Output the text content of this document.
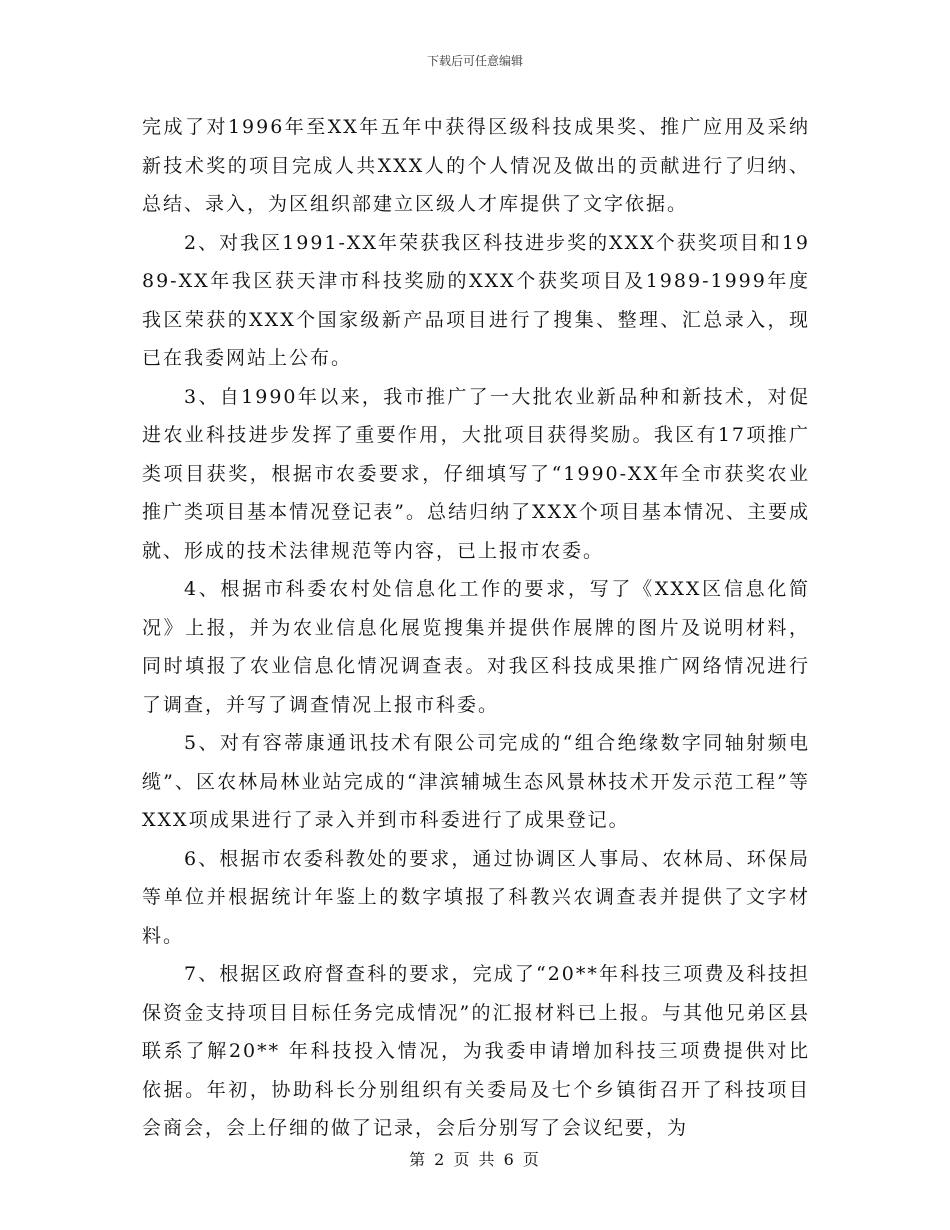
下载后可任意编辑

完成了对1996年至XX年五年中获得区级科技成果奖、推广应用及采纳新技术奖的项目完成人共XXX人的个人情况及做出的贡献进行了归纳、总结、录入，为区组织部建立区级人才库提供了文字依据。

2、对我区1991-XX年荣获我区科技进步奖的XXX个获奖项目和1989-XX年我区获天津市科技奖励的XXX个获奖项目及1989-1999年度我区荣获的XXX个国家级新产品项目进行了搜集、整理、汇总录入，现已在我委网站上公布。

3、自1990年以来，我市推广了一大批农业新品种和新技术，对促进农业科技进步发挥了重要作用，大批项目获得奖励。我区有17项推广类项目获奖，根据市农委要求，仔细填写了“1990-XX年全市获奖农业推广类项目基本情况登记表”。总结归纳了XXX个项目基本情况、主要成就、形成的技术法律规范等内容，已上报市农委。

4、根据市科委农村处信息化工作的要求，写了《XXX区信息化简况》上报，并为农业信息化展览搜集并提供作展牌的图片及说明材料，同时填报了农业信息化情况调查表。对我区科技成果推广网络情况进行了调查，并写了调查情况上报市科委。

5、对有容蒂康通讯技术有限公司完成的“组合绝缘数字同轴射频电缆”、区农林局林业站完成的“津滨辅城生态风景林技术开发示范工程”等XXX项成果进行了录入并到市科委进行了成果登记。

6、根据市农委科教处的要求，通过协调区人事局、农林局、环保局等单位并根据统计年鉴上的数字填报了科教兴农调查表并提供了文字材料。

7、根据区政府督查科的要求，完成了“20**年科技三项费及科技担保资金支持项目目标任务完成情况”的汇报材料已上报。与其他兄弟区县联系了解20** 年科技投入情况，为我委申请增加科技三项费提供对比依据。年初，协助科长分别组织有关委局及七个乡镇街召开了科技项目会商会，会上仔细的做了记录，会后分别写了会议纪要，为

第 2 页 共 6 页
